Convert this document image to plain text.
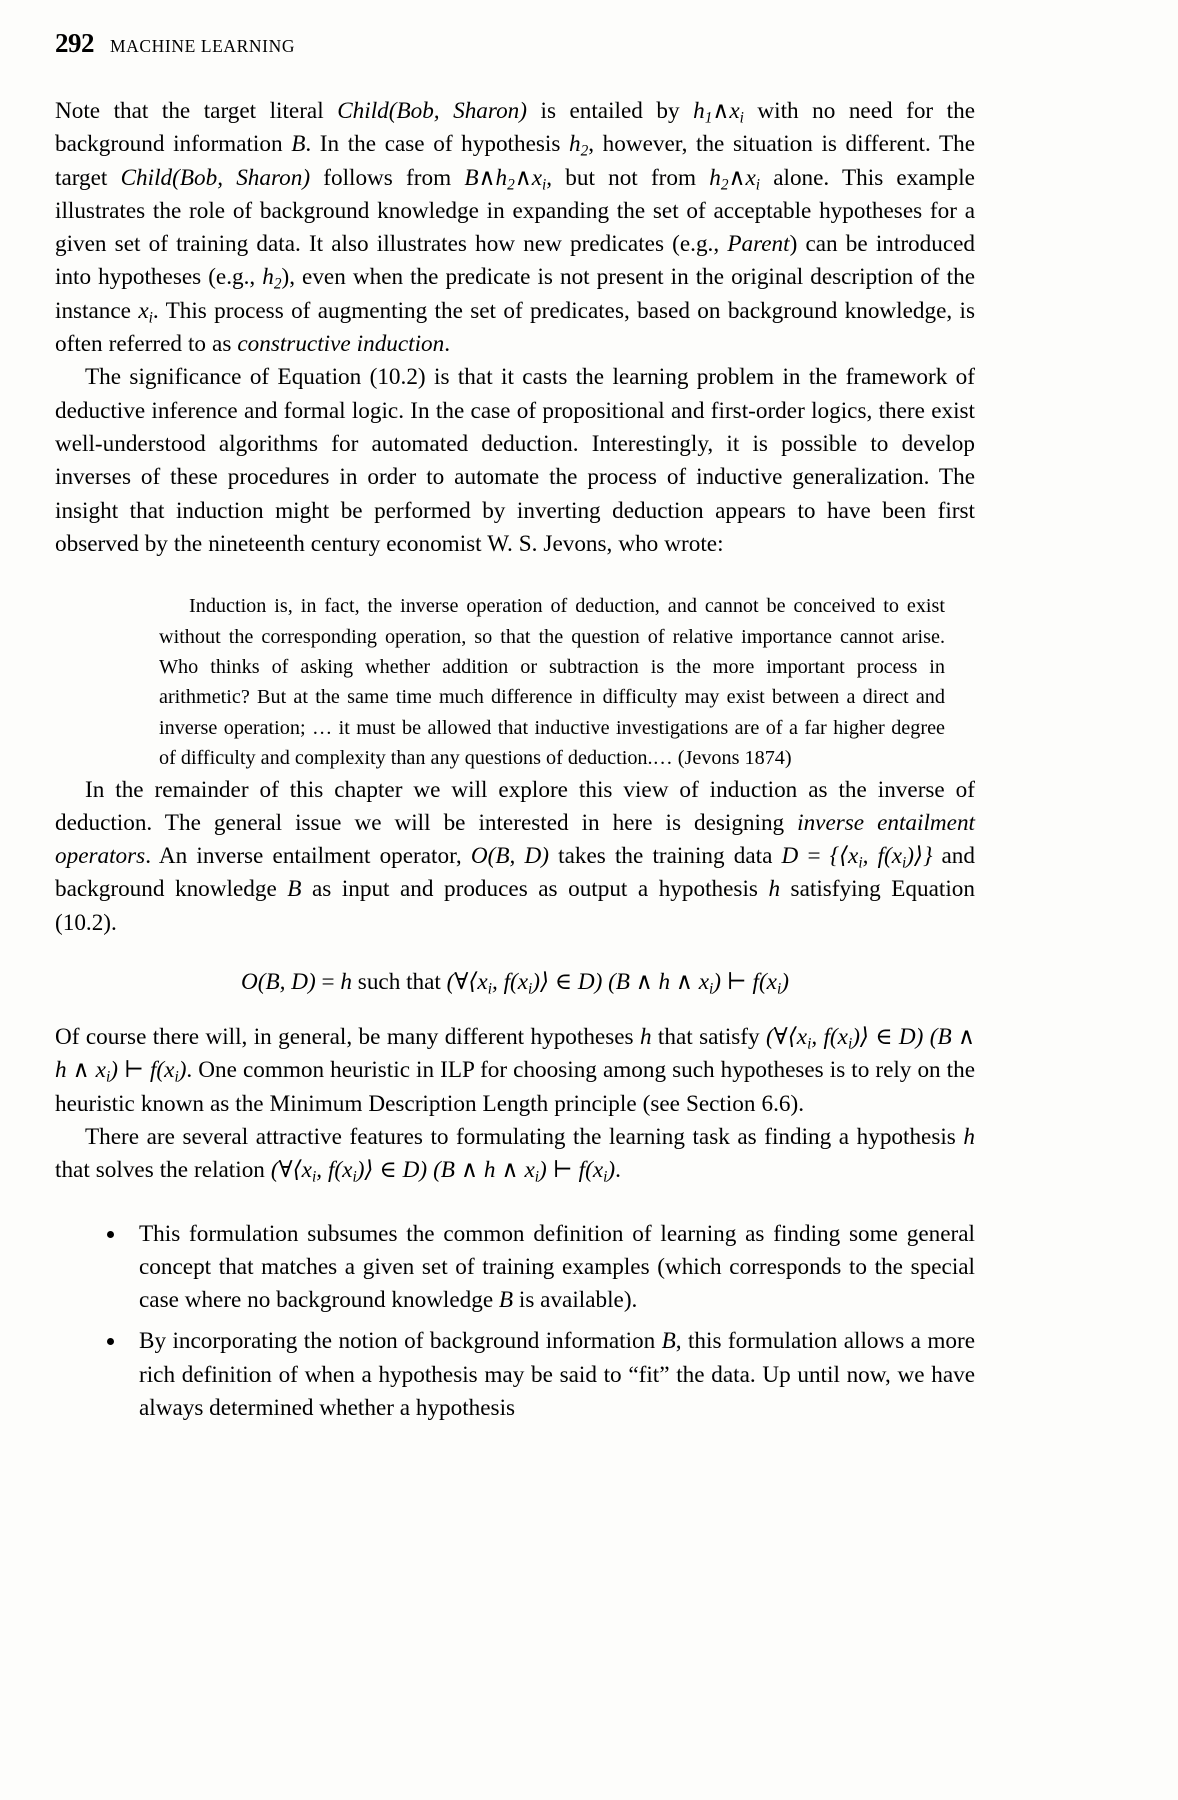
292 MACHINE LEARNING

Note that the target literal Child(Bob, Sharon) is entailed by $h_1\wedge x_i$ with no need for the background information B. In the case of hypothesis $h_2$, however, the situation is different. The target Child(Bob, Sharon) follows from $B\wedge h_2\wedge x_i$, but not from $h_2\wedge x_i$ alone. This example illustrates the role of background knowledge in expanding the set of acceptable hypotheses for a given set of training data. It also illustrates how new predicates (e.g., Parent) can be introduced into hypotheses (e.g., $h_2$), even when the predicate is not present in the original description of the instance $x_i$. This process of augmenting the set of predicates, based on background knowledge, is often referred to as constructive induction.

The significance of Equation (10.2) is that it casts the learning problem in the framework of deductive inference and formal logic. In the case of propositional and first-order logics, there exist well-understood algorithms for automated deduction. Interestingly, it is possible to develop inverses of these procedures in order to automate the process of inductive generalization. The insight that induction might be performed by inverting deduction appears to have been first observed by the nineteenth century economist W. S. Jevons, who wrote:

Induction is, in fact, the inverse operation of deduction, and cannot be conceived to exist without the corresponding operation, so that the question of relative importance cannot arise. Who thinks of asking whether addition or subtraction is the more important process in arithmetic? But at the same time much difference in difficulty may exist between a direct and inverse operation; … it must be allowed that inductive investigations are of a far higher degree of difficulty and complexity than any questions of deduction.… (Jevons 1874)

In the remainder of this chapter we will explore this view of induction as the inverse of deduction. The general issue we will be interested in here is designing inverse entailment operators. An inverse entailment operator, O(B, D) takes the training data $D = \{⟨x_i$, $f(x_i)⟩$} and background knowledge B as input and produces as output a hypothesis h satisfying Equation (10.2).

O(B, D) = h such that ($\forall⟨x_i$, $f(x_i)⟩$ ∈ D) (B ∧ h ∧ $x_i$) ⊢ $f(x_i)$

Of course there will, in general, be many different hypotheses h that satisfy ($\forall⟨x_i$, $f(x_i)⟩$ ∈ D) (B ∧ h ∧ $x_i$) ⊢ $f(x_i)$. One common heuristic in ILP for choosing among such hypotheses is to rely on the heuristic known as the Minimum Description Length principle (see Section 6.6).

There are several attractive features to formulating the learning task as finding a hypothesis h that solves the relation ($\forall⟨x_i$, $f(x_i)⟩$ ∈ D) (B ∧ h ∧ $x_i$) ⊢ $f(x_i)$.

This formulation subsumes the common definition of learning as finding some general concept that matches a given set of training examples (which corresponds to the special case where no background knowledge B is available).
By incorporating the notion of background information B, this formulation allows a more rich definition of when a hypothesis may be said to “fit” the data. Up until now, we have always determined whether a hypothesis
